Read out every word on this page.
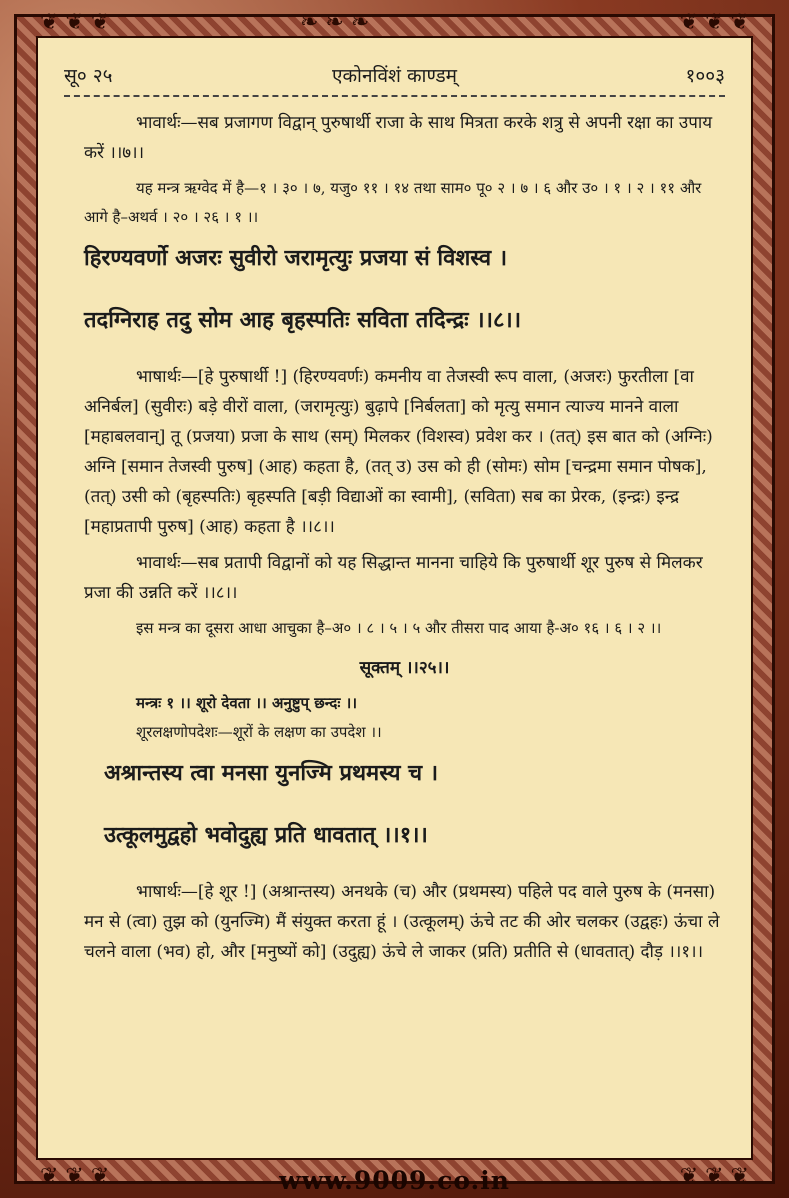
❦ ❦ ❦	❦ ❦ ❦
❧ ❧ ❧
❦ ❦ ❦	❦ ❦ ❦
सू० २५	एकोनविंशं काण्डम्	१००३

भावार्थः—सब प्रजागण विद्वान् पुरुषार्थी राजा के साथ मित्रता करके शत्रु से अपनी रक्षा का उपाय करें ।।७।।

यह मन्त्र ऋग्वेद में है—१ । ३० । ७, यजु० ११ । १४ तथा साम० पू० २ । ७ । ६ और उ० । १ । २ । ११ और आगे है–अथर्व । २० । २६ । १ ।।

हिरण्यवर्णो अजरः सुवीरो जरामृत्युः प्रजया सं विशस्व ।

तदग्निराह तदु सोम आह बृहस्पतिः सविता तदिन्द्रः ।।८।।

भाषार्थः—[हे पुरुषार्थी !] (हिरण्यवर्णः) कमनीय वा तेजस्वी रूप वाला, (अजरः) फुरतीला [वा अनिर्बल] (सुवीरः) बड़े वीरों वाला, (जरामृत्युः) बुढ़ापे [निर्बलता] को मृत्यु समान त्याज्य मानने वाला [महाबलवान्] तू (प्रजया) प्रजा के साथ (सम्) मिलकर (विशस्व) प्रवेश कर । (तत्) इस बात को (अग्निः) अग्नि [समान तेजस्वी पुरुष] (आह) कहता है, (तत् उ) उस को ही (सोमः) सोम [चन्द्रमा समान पोषक], (तत्) उसी को (बृहस्पतिः) बृहस्पति [बड़ी विद्याओं का स्वामी], (सविता) सब का प्रेरक, (इन्द्रः) इन्द्र [महाप्रतापी पुरुष] (आह) कहता है ।।८।।

भावार्थः—सब प्रतापी विद्वानों को यह सिद्धान्त मानना चाहिये कि पुरुषार्थी शूर पुरुष से मिलकर प्रजा की उन्नति करें ।।८।।

इस मन्त्र का दूसरा आधा आचुका है–अ० । ८ । ५ । ५ और तीसरा पाद आया है-अ० १६ । ६ । २ ।।

सूक्तम् ।।२५।।

मन्त्रः १ ।। शूरो देवता ।। अनुष्टुप् छन्दः ।।

शूरलक्षणोपदेशः—शूरों के लक्षण का उपदेश ।।

अश्रान्तस्य त्वा मनसा युनज्मि प्रथमस्य च ।

उत्कूलमुद्वहो भवोदुह्य प्रति धावतात् ।।१।।

भाषार्थः—[हे शूर !] (अश्रान्तस्य) अनथके (च) और (प्रथमस्य) पहिले पद वाले पुरुष के (मनसा) मन से (त्वा) तुझ को (युनज्मि) मैं संयुक्त करता हूं । (उत्कूलम्) ऊंचे तट की ओर चलकर (उद्वहः) ऊंचा ले चलने वाला (भव) हो, और [मनुष्यों को] (उदुह्य) ऊंचे ले जाकर (प्रति) प्रतीति से (धावतात्) दौड़ ।।१।।

www.9009.co.in
